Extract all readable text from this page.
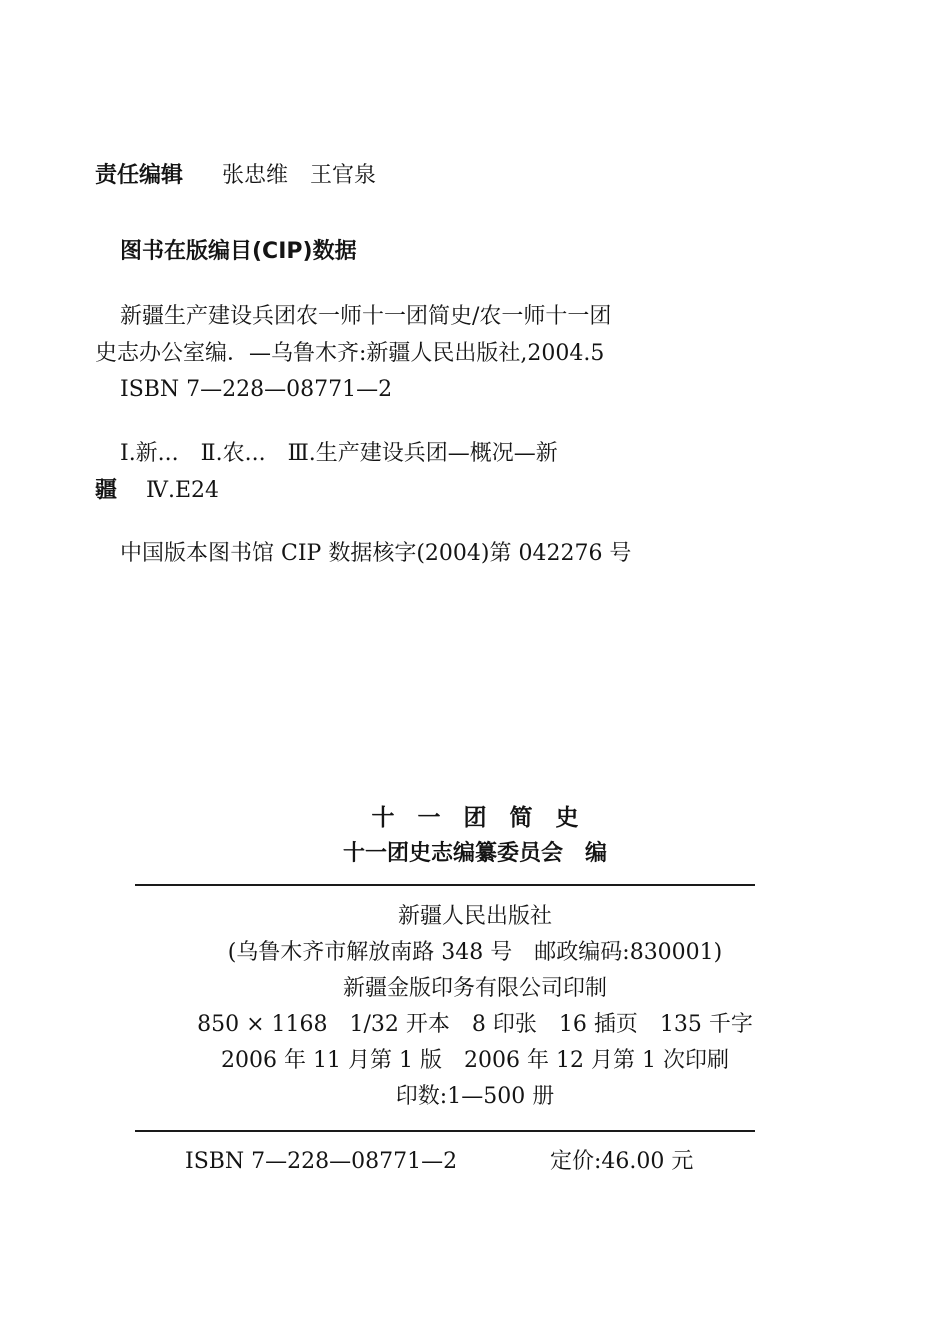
责任编辑 张忠维　王官泉
图书在版编目(CIP)数据
新疆生产建设兵团农一师十一团简史/农一师十一团
史志办公室编．—乌鲁木齐:新疆人民出版社,2004.5
ISBN 7—228—08771—2
Ⅰ.新...　Ⅱ.农...　Ⅲ.生产建设兵团—概况—新
疆 Ⅳ.E24
中国版本图书馆 CIP 数据核字(2004)第 042276 号
十　一　团　简　史
十一团史志编纂委员会　编
新疆人民出版社
(乌鲁木齐市解放南路 348 号　邮政编码:830001)
新疆金版印务有限公司印制
850 × 1168　1/32 开本　8 印张　16 插页　135 千字
2006 年 11 月第 1 版　2006 年 12 月第 1 次印刷
印数:1—500 册
ISBN 7—228—08771—2	定价:46.00 元
